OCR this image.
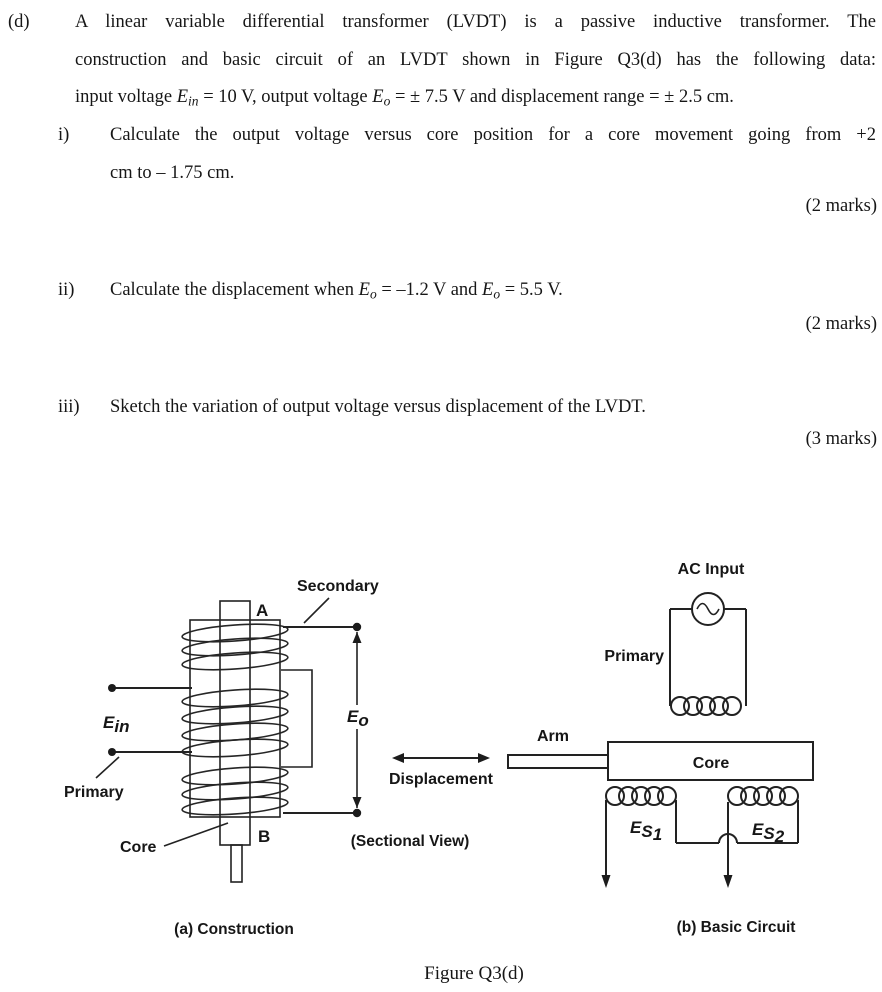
(d) A linear variable differential transformer (LVDT) is a passive inductive transformer. The
construction and basic circuit of an LVDT shown in Figure Q3(d) has the following data:
input voltage Ein = 10 V, output voltage Eo = ± 7.5 V and displacement range = ± 2.5 cm.
i) Calculate the output voltage versus core position for a core movement going from +2
cm to – 1.75 cm.
(2 marks)
ii) Calculate the displacement when Eo = –1.2 V and Eo = 5.5 V.
(2 marks)
iii) Sketch the variation of output voltage versus displacement of the LVDT.
(3 marks)
Secondary
A
B
Ein
Eo
Primary
Core
Displacement
(Sectional View)
(a) Construction
AC Input
Primary
Arm
Core
ES1	ES2
(b) Basic Circuit
Figure Q3(d)
